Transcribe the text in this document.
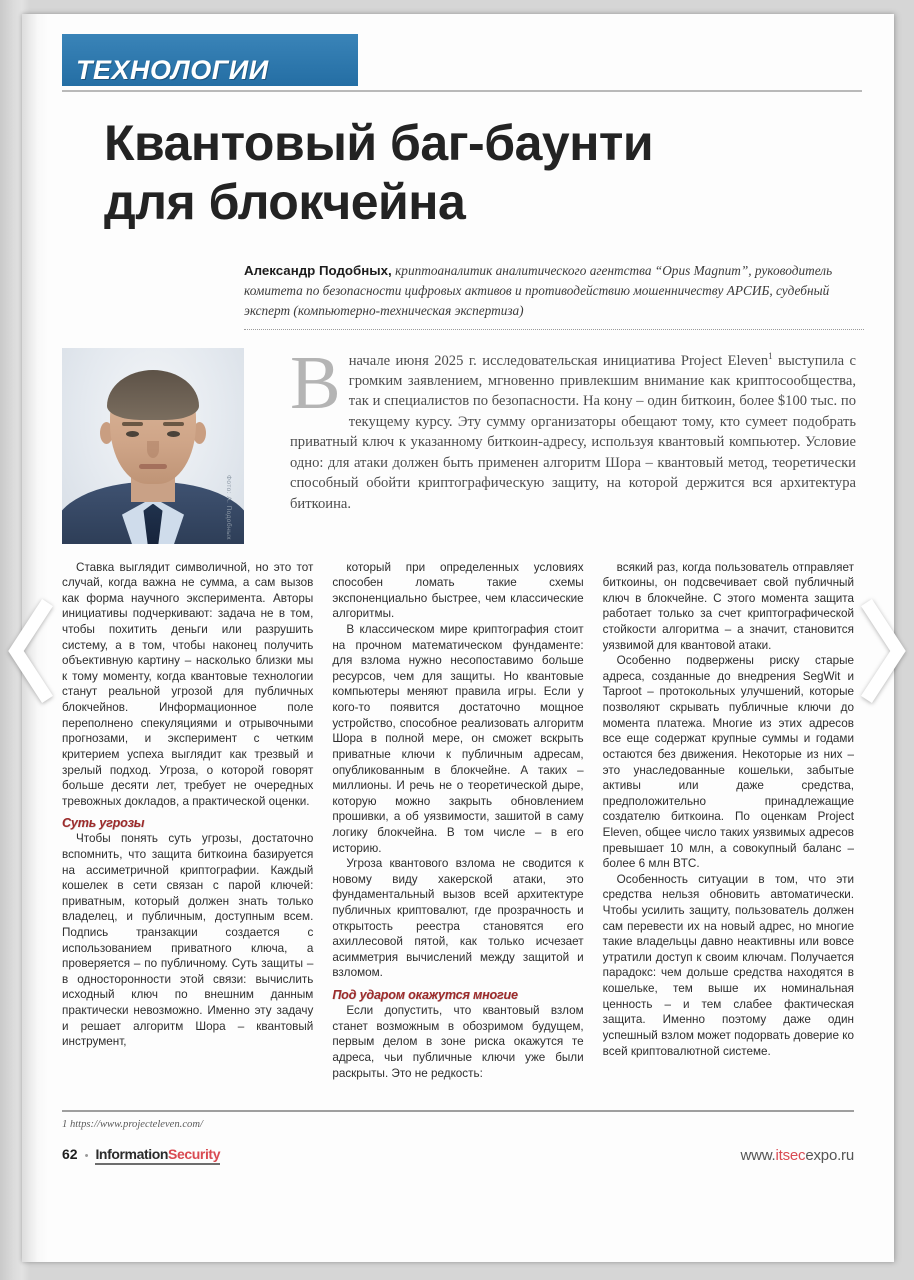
ТЕХНОЛОГИИ
Квантовый баг-баунти
для блокчейна
Александр Подобных, криптоаналитик аналитического агентства “Opus Magnum”, руководитель комитета по безопасности цифровых активов и противодействию мошенничеству АРСИБ, судебный эксперт (компьютерно-техническая экспертиза)
Фото: А. Подобных

В начале июня 2025 г. исследовательская инициатива Project Eleven$^1$ выступила с громким заявлением, мгновенно привлекшим внимание как криптосообщества, так и специалистов по безопасности. На кону – один биткоин, более $100 тыс. по текущему курсу. Эту сумму организаторы обещают тому, кто сумеет подобрать приватный ключ к указанному биткоин-адресу, используя квантовый компьютер. Условие одно: для атаки должен быть применен алгоритм Шора – квантовый метод, теоретически способный обойти криптографическую защиту, на которой держится вся архитектура биткоина.

Ставка выглядит символичной, но это тот случай, когда важна не сумма, а сам вызов как форма научного эксперимента. Авторы инициативы подчеркивают: задача не в том, чтобы похитить деньги или разрушить систему, а в том, чтобы наконец получить объективную картину – насколько близки мы к тому моменту, когда квантовые технологии станут реальной угрозой для публичных блокчейнов. Информационное поле переполнено спекуляциями и отрывочными прогнозами, и эксперимент с четким критерием успеха выглядит как трезвый и зрелый подход. Угроза, о которой говорят больше десяти лет, требует не очередных тревожных докладов, а практической оценки.

Суть угрозы

Чтобы понять суть угрозы, достаточно вспомнить, что защита биткоина базируется на ассиметричной криптографии. Каждый кошелек в сети связан с парой ключей: приватным, который должен знать только владелец, и публичным, доступным всем. Подпись транзакции создается с использованием приватного ключа, а проверяется – по публичному. Суть защиты – в односторонности этой связи: вычислить исходный ключ по внешним данным практически невозможно. Именно эту задачу и решает алгоритм Шора – квантовый инструмент,

который при определенных условиях способен ломать такие схемы экспоненциально быстрее, чем классические алгоритмы.

В классическом мире криптография стоит на прочном математическом фундаменте: для взлома нужно несопоставимо больше ресурсов, чем для защиты. Но квантовые компьютеры меняют правила игры. Если у кого-то появится достаточно мощное устройство, способное реализовать алгоритм Шора в полной мере, он сможет вскрыть приватные ключи к публичным адресам, опубликованным в блокчейне. А таких – миллионы. И речь не о теоретической дыре, которую можно закрыть обновлением прошивки, а об уязвимости, зашитой в саму логику блокчейна. В том числе – в его историю.

Угроза квантового взлома не сводится к новому виду хакерской атаки, это фундаментальный вызов всей архитектуре публичных криптовалют, где прозрачность и открытость реестра становятся его ахиллесовой пятой, как только исчезает асимметрия вычислений между защитой и взломом.

Под ударом окажутся многие

Если допустить, что квантовый взлом станет возможным в обозримом будущем, первым делом в зоне риска окажутся те адреса, чьи публичные ключи уже были раскрыты. Это не редкость:

всякий раз, когда пользователь отправляет биткоины, он подсвечивает свой публичный ключ в блокчейне. С этого момента защита работает только за счет криптографической стойкости алгоритма – а значит, становится уязвимой для квантовой атаки.

Особенно подвержены риску старые адреса, созданные до внедрения SegWit и Taproot – протокольных улучшений, которые позволяют скрывать публичные ключи до момента платежа. Многие из этих адресов все еще содержат крупные суммы и годами остаются без движения. Некоторые из них – это унаследованные кошельки, забытые активы или даже средства, предположительно принадлежащие создателю биткоина. По оценкам Project Eleven, общее число таких уязвимых адресов превышает 10 млн, а совокупный баланс – более 6 млн BTC.

Особенность ситуации в том, что эти средства нельзя обновить автоматически. Чтобы усилить защиту, пользователь должен сам перевести их на новый адрес, но многие такие владельцы давно неактивны или вовсе утратили доступ к своим ключам. Получается парадокс: чем дольше средства находятся в кошельке, тем выше их номинальная ценность – и тем слабее фактическая защита. Именно поэтому даже один успешный взлом может подорвать доверие ко всей криптовалютной системе.

1 https://www.projecteleven.com/
62 • InformationSecurity	www.itsecexpo.ru
